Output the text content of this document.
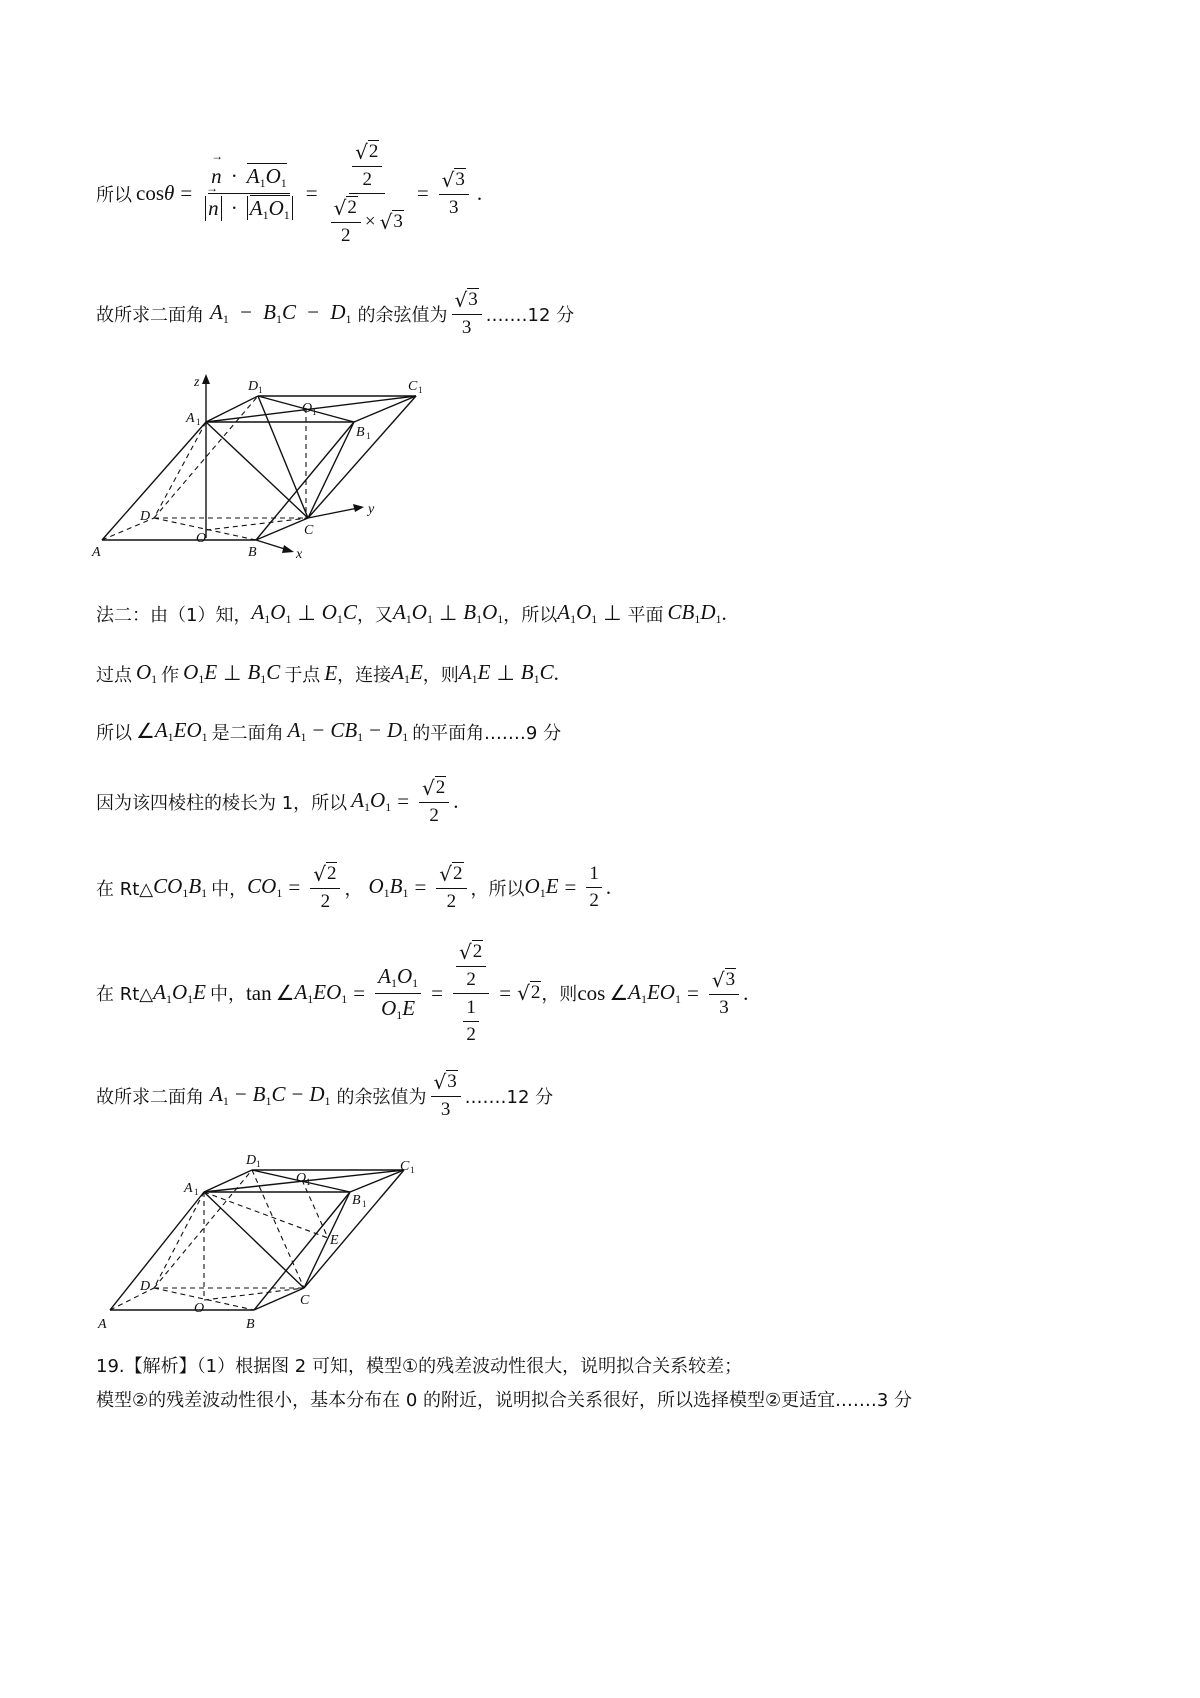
所以 cos θ =
→ $n \cdot A_1O_1$
→ $n \cdot A_1O_1 = \frac{\frac{√ 2}{2}}{\frac{√ 2}{2} \times √ 3} = \frac{√ 3}{3}$ .
故所求二面角 $A_1 - B_1C - D_1$ 的余弦值为 $\frac{√ 3}{3}$ .……12 分
z
y
x
A	B
C
D
O
A 1
B 1
C 1
D 1
O 1
法二：由（1）知， $A_1O_1$ ⊥ $O_1C$ ，又 $A_1O_1$ ⊥ $B_1O_1$ ，所以 $A_1O_1$ ⊥ 平面 $CB_1D_1$ .
过点 $O_1$ 作 $O_1E$ ⊥ $B_1C$ 于点 E ，连接 $A_1E$ ，则 $A_1E$ ⊥ $B_1C$ .
所以 ∠ $A_1EO_1$ 是二面角 $A_1 - CB_1 - D_1$ 的平面角.……9 分
因为该四棱柱的棱长为 1，所以 $A_1O_1 = \frac{√ 2}{2}$ .
在 Rt△ $CO_1B_1$ 中， $CO_1 = \frac{√ 2}{2}$ ， $O_1B_1 = \frac{√ 2}{2}$ ，所以 $O_1E = \frac{1}{2}$ .
在 Rt△ $A_1O_1E$ 中， tan ∠ $A_1EO_1 = \frac{A_1O_1}{O_1E} = \frac{\frac{√ 2}{2}}{\frac{1}{2}}$ = √ 2 ，则 cos ∠ $A_1EO_1 = \frac{√ 3}{3}$ .
故所求二面角 $A_1 - B_1C - D_1$ 的余弦值为 $\frac{√ 3}{3}$ .……12 分
A	B
C
D
O
E
A 1
B 1
C 1
D 1
O 1
19.【解析】（1）根据图 2 可知，模型①的残差波动性很大，说明拟合关系较差；
模型②的残差波动性很小，基本分布在 0 的附近，说明拟合关系很好，所以选择模型②更适宜.……3 分
